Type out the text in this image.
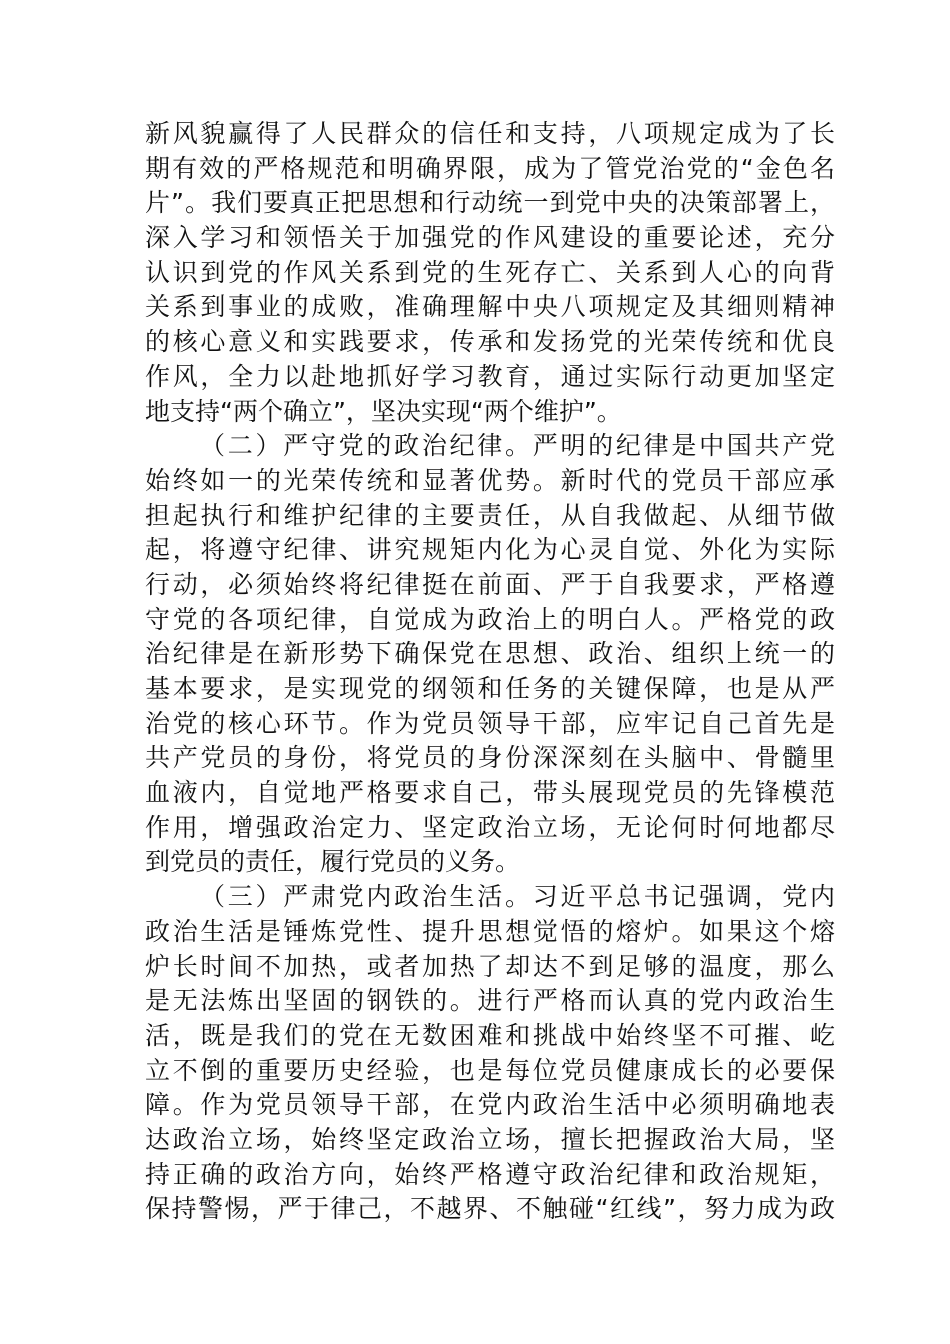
新风貌赢得了人民群众的信任和支持，八项规定成为了长
期有效的严格规范和明确界限，成为了管党治党的“金色名
片”。我们要真正把思想和行动统一到党中央的决策部署上，
深入学习和领悟关于加强党的作风建设的重要论述，充分
认识到党的作风关系到党的生死存亡、关系到人心的向背
关系到事业的成败，准确理解中央八项规定及其细则精神
的核心意义和实践要求，传承和发扬党的光荣传统和优良
作风，全力以赴地抓好学习教育，通过实际行动更加坚定
地支持“两个确立”，坚决实现“两个维护”。
（二）严守党的政治纪律。严明的纪律是中国共产党
始终如一的光荣传统和显著优势。新时代的党员干部应承
担起执行和维护纪律的主要责任，从自我做起、从细节做
起，将遵守纪律、讲究规矩内化为心灵自觉、外化为实际
行动，必须始终将纪律挺在前面、严于自我要求，严格遵
守党的各项纪律，自觉成为政治上的明白人。严格党的政
治纪律是在新形势下确保党在思想、政治、组织上统一的
基本要求，是实现党的纲领和任务的关键保障，也是从严
治党的核心环节。作为党员领导干部，应牢记自己首先是
共产党员的身份，将党员的身份深深刻在头脑中、骨髓里
血液内，自觉地严格要求自己，带头展现党员的先锋模范
作用，增强政治定力、坚定政治立场，无论何时何地都尽
到党员的责任，履行党员的义务。
（三）严肃党内政治生活。习近平总书记强调，党内
政治生活是锤炼党性、提升思想觉悟的熔炉。如果这个熔
炉长时间不加热，或者加热了却达不到足够的温度，那么
是无法炼出坚固的钢铁的。进行严格而认真的党内政治生
活，既是我们的党在无数困难和挑战中始终坚不可摧、屹
立不倒的重要历史经验，也是每位党员健康成长的必要保
障。作为党员领导干部，在党内政治生活中必须明确地表
达政治立场，始终坚定政治立场，擅长把握政治大局，坚
持正确的政治方向，始终严格遵守政治纪律和政治规矩，
保持警惕，严于律己，不越界、不触碰“红线”，努力成为政
